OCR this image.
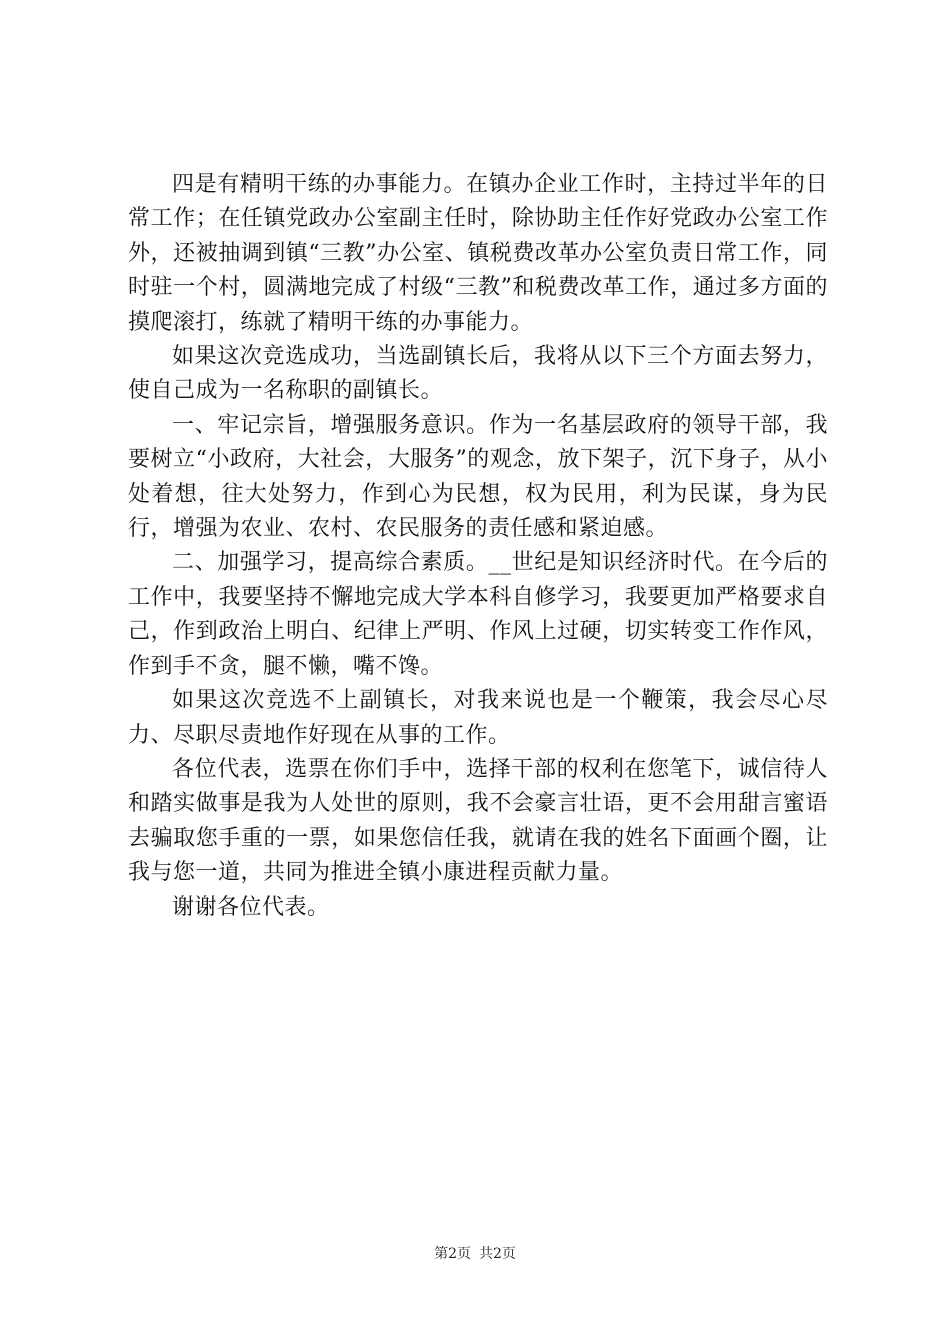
四是有精明干练的办事能力。在镇办企业工作时，主持过半年的日常工作；在任镇党政办公室副主任时，除协助主任作好党政办公室工作外，还被抽调到镇“三教”办公室、镇税费改革办公室负责日常工作，同时驻一个村，圆满地完成了村级“三教”和税费改革工作，通过多方面的摸爬滚打，练就了精明干练的办事能力。

如果这次竞选成功，当选副镇长后，我将从以下三个方面去努力，使自己成为一名称职的副镇长。

一、牢记宗旨，增强服务意识。作为一名基层政府的领导干部，我要树立“小政府，大社会，大服务”的观念，放下架子，沉下身子，从小处着想，往大处努力，作到心为民想，权为民用，利为民谋，身为民行，增强为农业、农村、农民服务的责任感和紧迫感。

二、加强学习，提高综合素质。__世纪是知识经济时代。在今后的工作中，我要坚持不懈地完成大学本科自修学习，我要更加严格要求自己，作到政治上明白、纪律上严明、作风上过硬，切实转变工作作风，作到手不贪，腿不懒，嘴不馋。

如果这次竞选不上副镇长，对我来说也是一个鞭策，我会尽心尽力、尽职尽责地作好现在从事的工作。

各位代表，选票在你们手中，选择干部的权利在您笔下，诚信待人和踏实做事是我为人处世的原则，我不会豪言壮语，更不会用甜言蜜语去骗取您手重的一票，如果您信任我，就请在我的姓名下面画个圈，让我与您一道，共同为推进全镇小康进程贡献力量。

谢谢各位代表。

第2页 共2页
